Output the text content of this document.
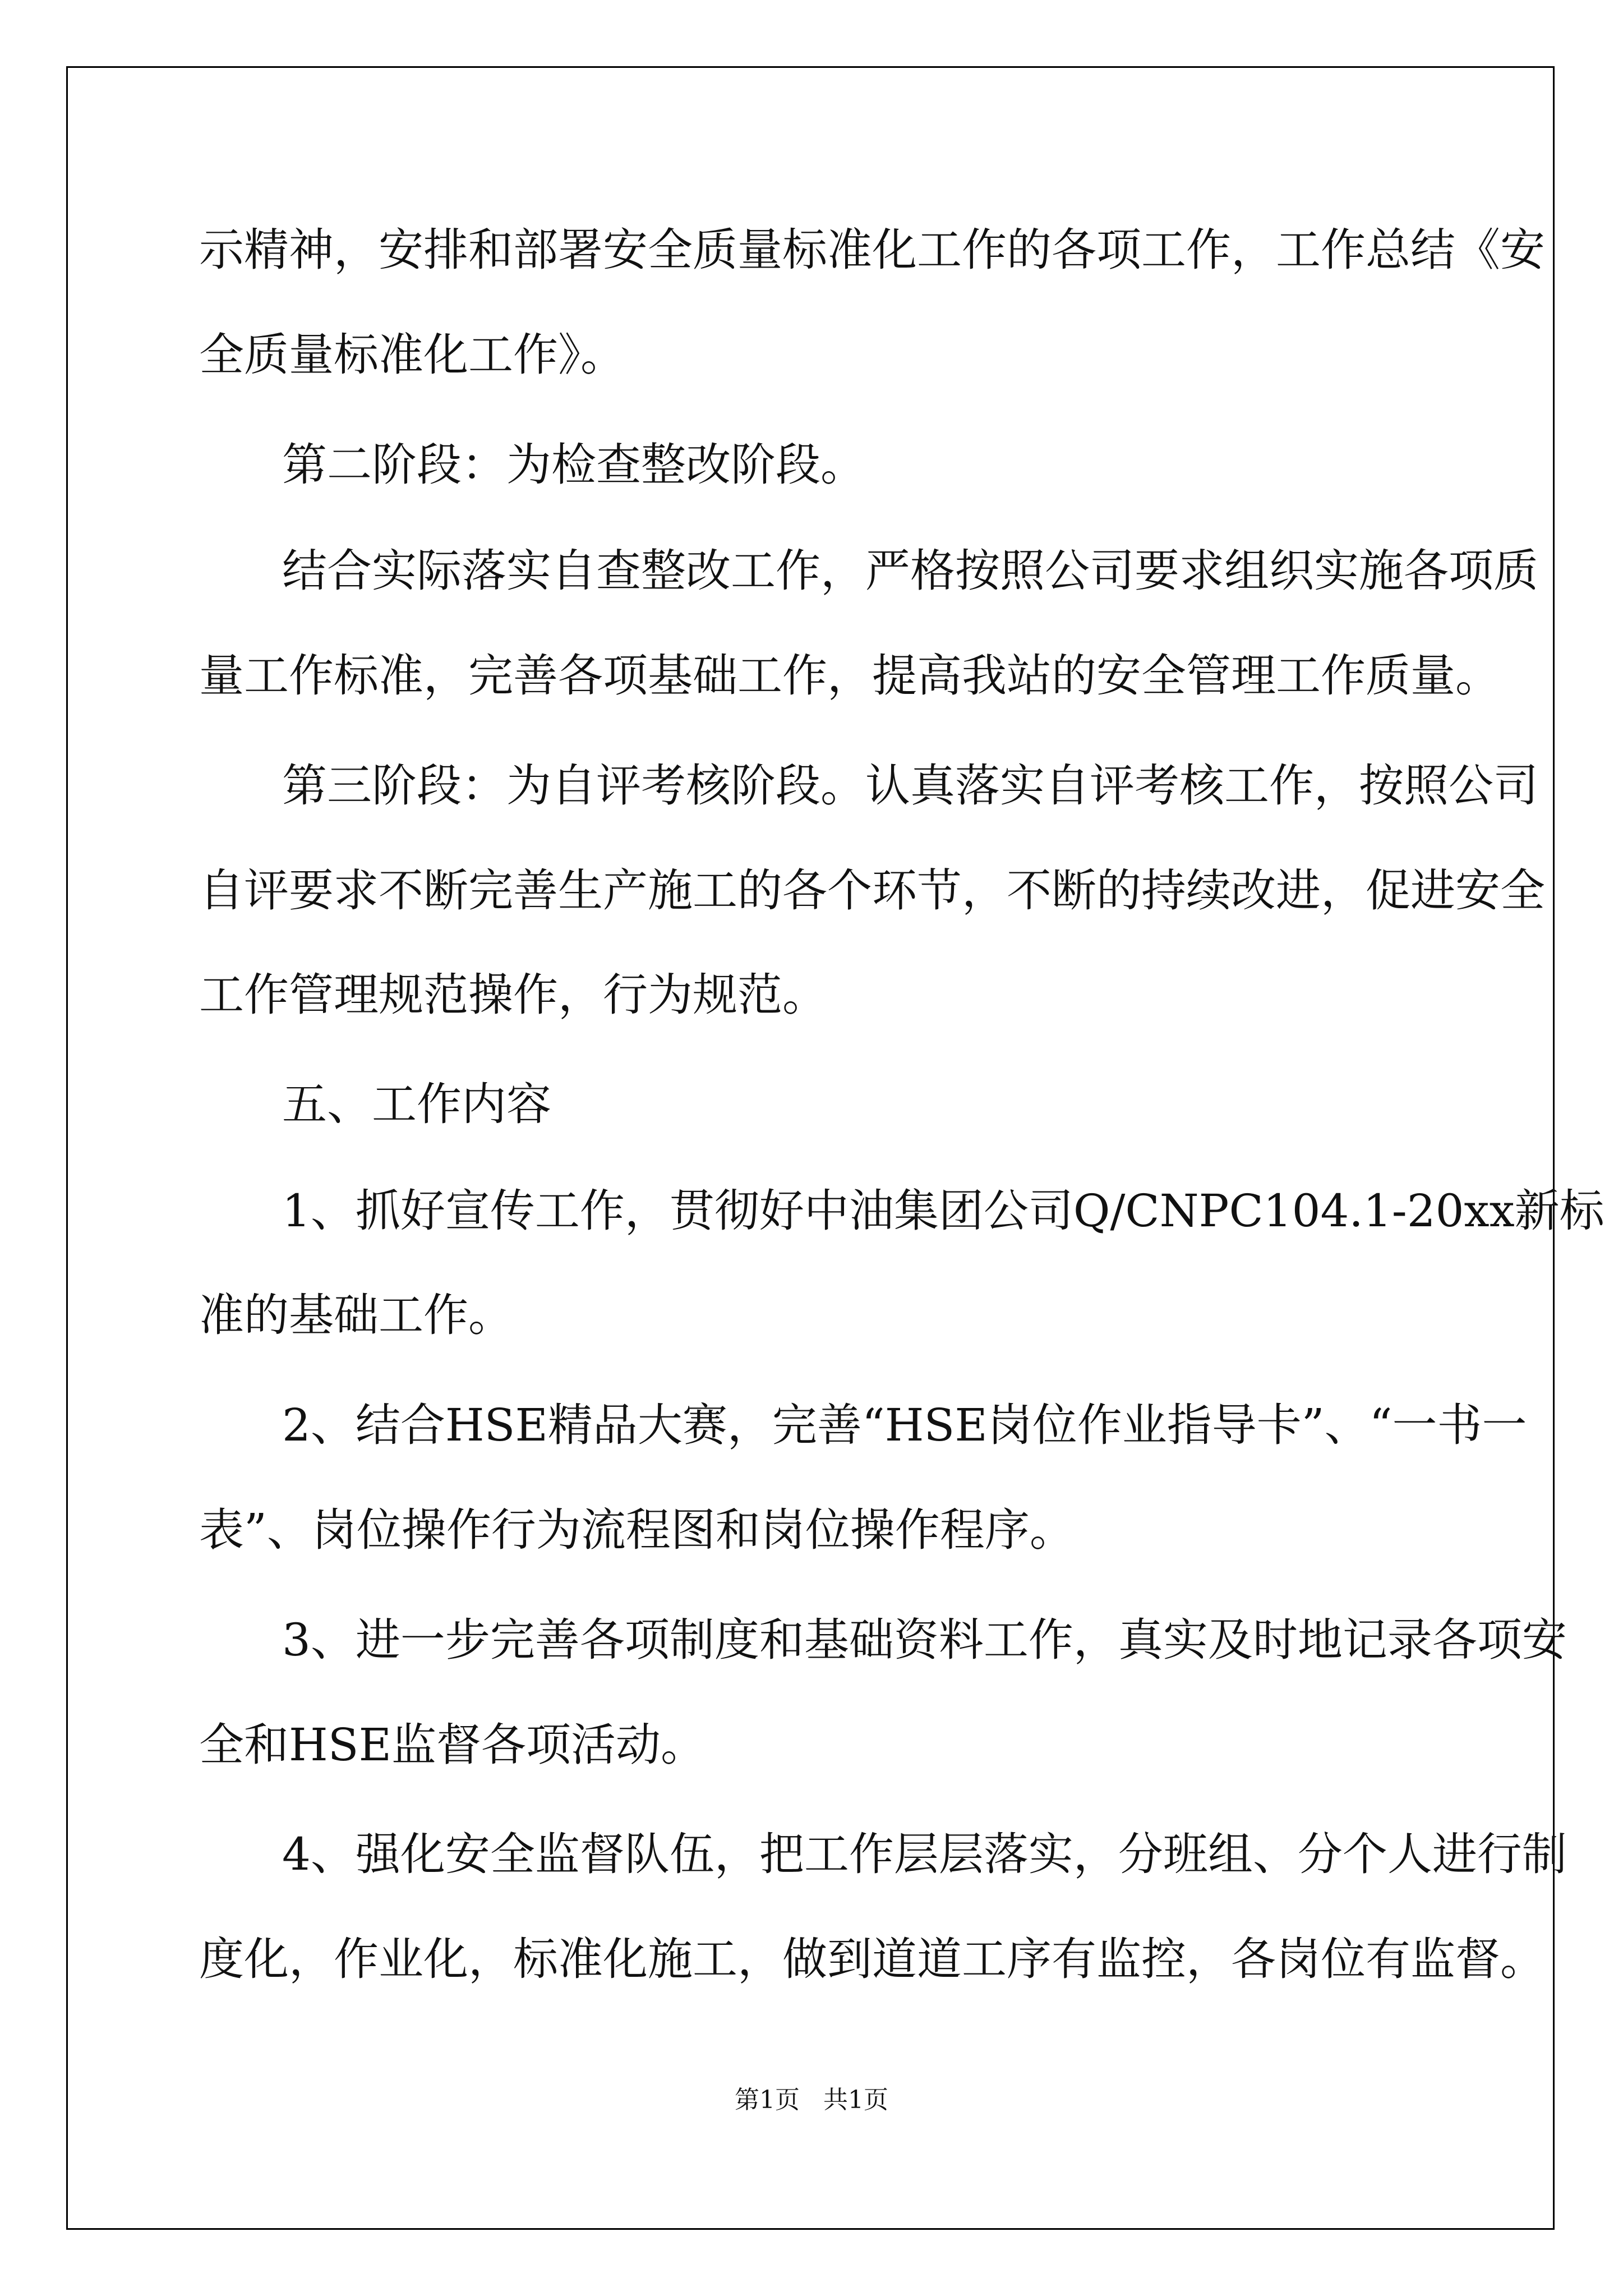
示精神，安排和部署安全质量标准化工作的各项工作，工作总结《安

全质量标准化工作》。

第二阶段：为检查整改阶段。

结合实际落实自查整改工作，严格按照公司要求组织实施各项质

量工作标准，完善各项基础工作，提高我站的安全管理工作质量。

第三阶段：为自评考核阶段。认真落实自评考核工作，按照公司

自评要求不断完善生产施工的各个环节，不断的持续改进，促进安全

工作管理规范操作，行为规范。

五、工作内容

1、抓好宣传工作，贯彻好中油集团公司Q/CNPC104.1-20xx新标

准的基础工作。

2、结合HSE精品大赛，完善“HSE岗位作业指导卡”、“一书一

表”、岗位操作行为流程图和岗位操作程序。

3、进一步完善各项制度和基础资料工作，真实及时地记录各项安

全和HSE监督各项活动。

4、强化安全监督队伍，把工作层层落实，分班组、分个人进行制

度化，作业化，标准化施工，做到道道工序有监控，各岗位有监督。

第1页   共1页
